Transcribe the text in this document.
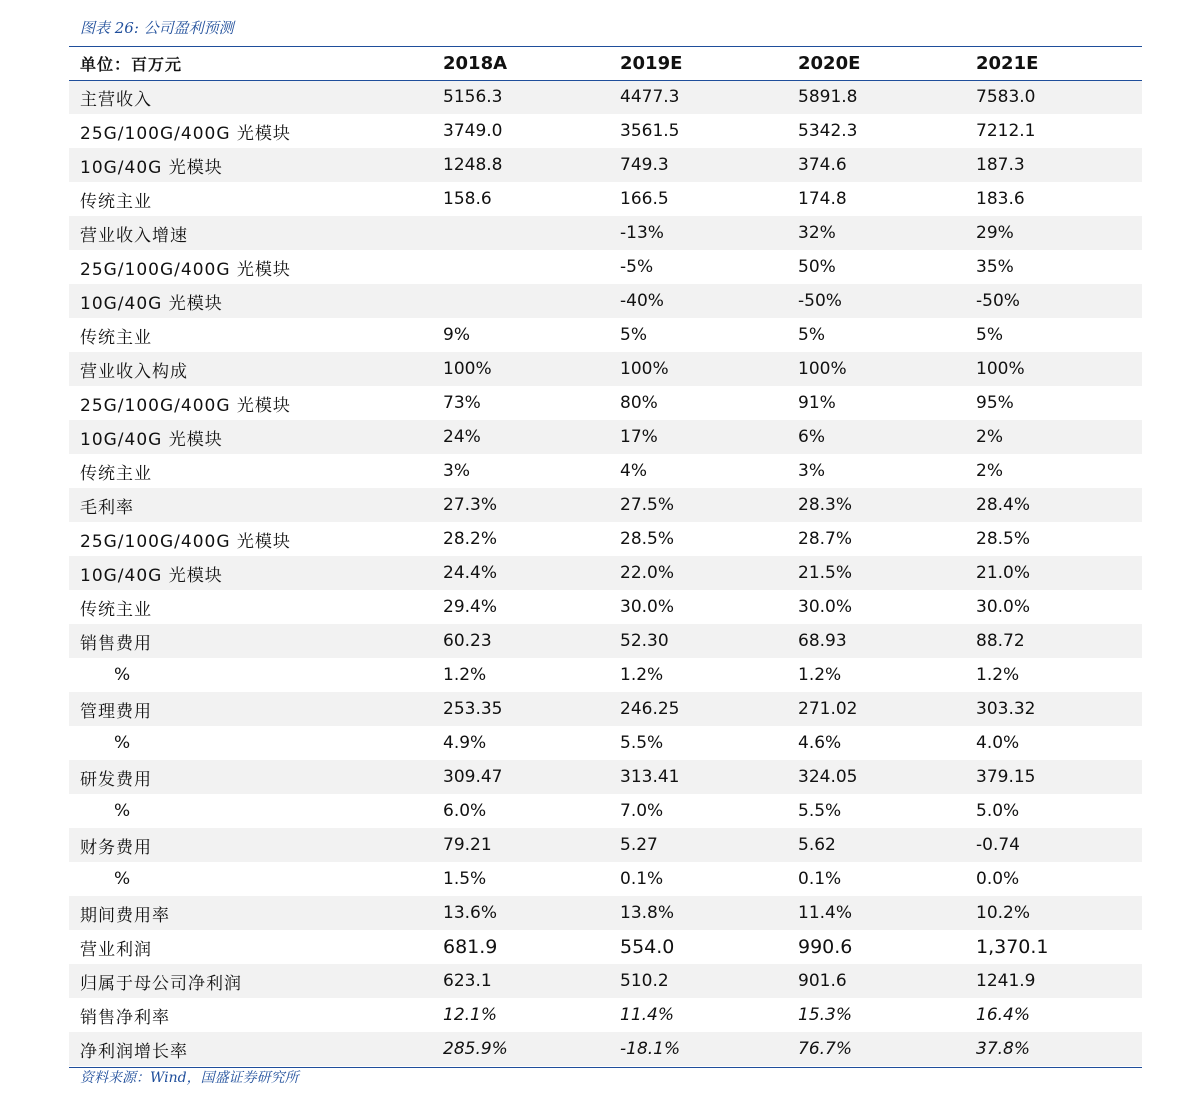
图表 26: 公司盈利预测
单位：百万元	2018A	2019E	2020E	2021E
主营收入	5156.3	4477.3	5891.8	7583.0
25G/100G/400G 光模块	3749.0	3561.5	5342.3	7212.1
10G/40G 光模块	1248.8	749.3	374.6	187.3
传统主业	158.6	166.5	174.8	183.6
营业收入增速		-13%	32%	29%
25G/100G/400G 光模块		-5%	50%	35%
10G/40G 光模块		-40%	-50%	-50%
传统主业	9%	5%	5%	5%
营业收入构成	100%	100%	100%	100%
25G/100G/400G 光模块	73%	80%	91%	95%
10G/40G 光模块	24%	17%	6%	2%
传统主业	3%	4%	3%	2%
毛利率	27.3%	27.5%	28.3%	28.4%
25G/100G/400G 光模块	28.2%	28.5%	28.7%	28.5%
10G/40G 光模块	24.4%	22.0%	21.5%	21.0%
传统主业	29.4%	30.0%	30.0%	30.0%
销售费用	60.23	52.30	68.93	88.72
%	1.2%	1.2%	1.2%	1.2%
管理费用	253.35	246.25	271.02	303.32
%	4.9%	5.5%	4.6%	4.0%
研发费用	309.47	313.41	324.05	379.15
%	6.0%	7.0%	5.5%	5.0%
财务费用	79.21	5.27	5.62	-0.74
%	1.5%	0.1%	0.1%	0.0%
期间费用率	13.6%	13.8%	11.4%	10.2%
营业利润	681.9	554.0	990.6	1,370.1
归属于母公司净利润	623.1	510.2	901.6	1241.9
销售净利率	12.1%	11.4%	15.3%	16.4%
净利润增长率	285.9%	-18.1%	76.7%	37.8%
资料来源：Wind，国盛证券研究所
